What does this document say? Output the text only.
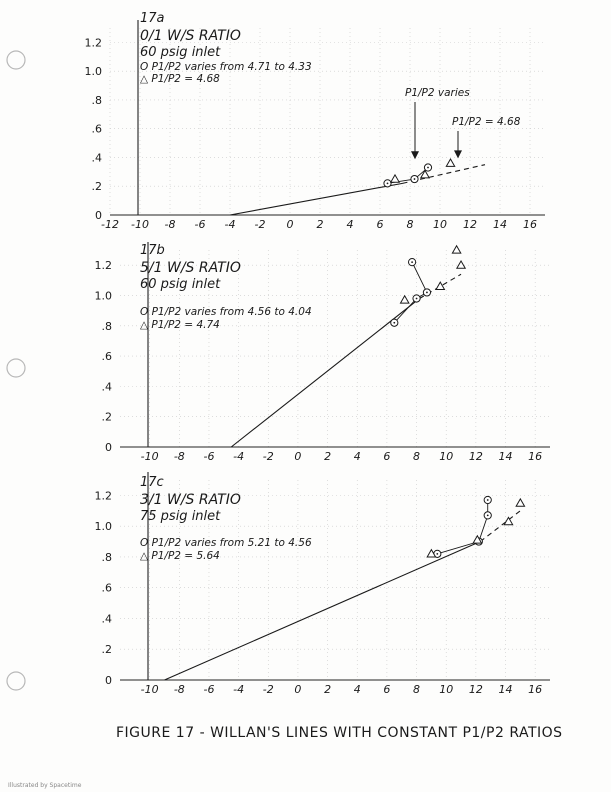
-12 -10 -8 -6 -4 -2 0 2 4 6 8 10 12 14 16
0
.2
.4
.6
.8
1.0
1.2
17a
0/1 W/S RATIO
60 psig inlet
O P1/P2 varies from 4.71 to 4.33
△ P1/P2 = 4.68
P1/P2 varies
P1/P2 = 4.68
-10 -8 -6 -4 -2 0 2 4 6 8 10 12 14 16
0
.2
.4
.6
.8
1.0
1.2
17b
5/1 W/S RATIO
60 psig inlet
O P1/P2 varies from 4.56 to 4.04
△ P1/P2 = 4.74
-10 -8 -6 -4 -2 0 2 4 6 8 10 12 14 16
0
.2
.4
.6
.8
1.0
1.2
17c
3/1 W/S RATIO
75 psig inlet
O P1/P2 varies from 5.21 to 4.56
△ P1/P2 = 5.64
FIGURE 17 - WILLAN'S LINES WITH CONSTANT P1/P2 RATIOS
Illustrated by Spacetime
